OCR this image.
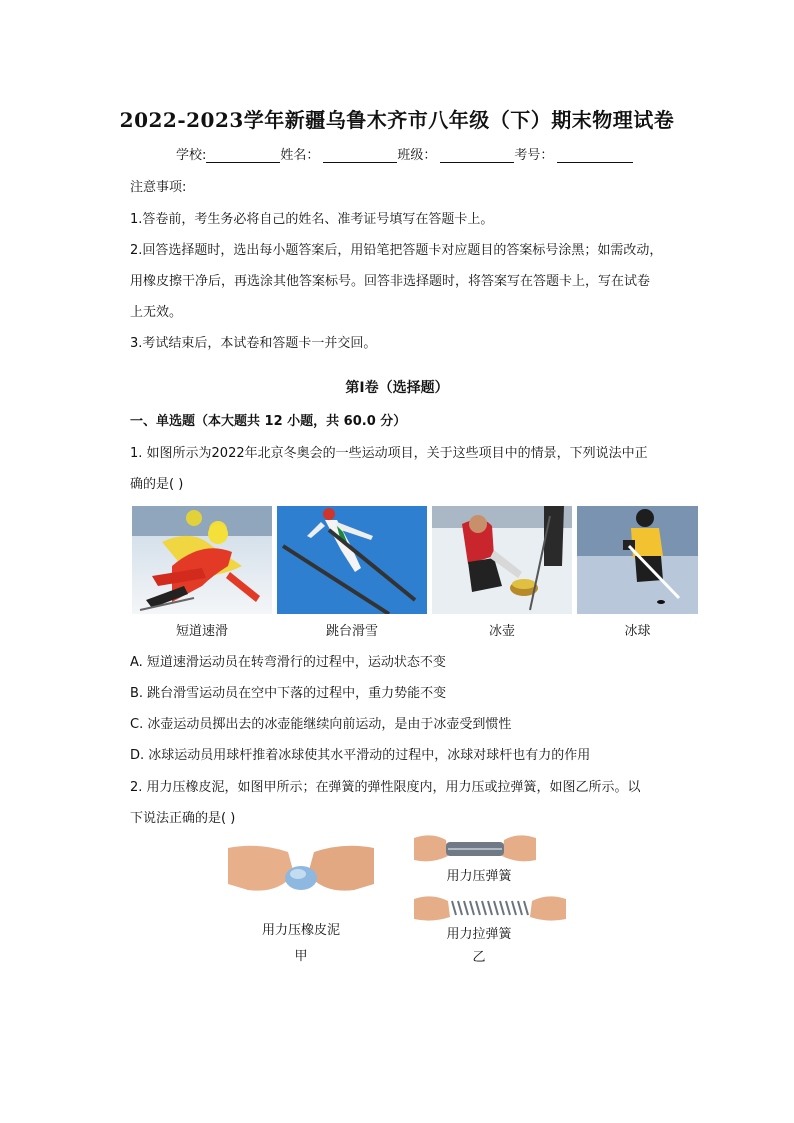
2022-2023学年新疆乌鲁木齐市八年级（下）期末物理试卷
学校:	姓名：	班级：	考号：
注意事项:
1.答卷前，考生务必将自己的姓名、准考证号填写在答题卡上。
2.回答选择题时，选出每小题答案后，用铅笔把答题卡对应题目的答案标号涂黑；如需改动，
用橡皮擦干净后，再选涂其他答案标号。回答非选择题时，将答案写在答题卡上，写在试卷
上无效。
3.考试结束后，本试卷和答题卡一并交回。
第Ⅰ卷（选择题）
一、单选题（本大题共 12 小题，共 60.0 分）
1. 如图所示为2022年北京冬奥会的一些运动项目，关于这些项目中的情景，下列说法中正
确的是( )
短道速滑	跳台滑雪	冰壶	冰球
A. 短道速滑运动员在转弯滑行的过程中，运动状态不变
B. 跳台滑雪运动员在空中下落的过程中，重力势能不变
C. 冰壶运动员掷出去的冰壶能继续向前运动，是由于冰壶受到惯性
D. 冰球运动员用球杆推着冰球使其水平滑动的过程中，冰球对球杆也有力的作用
2. 用力压橡皮泥，如图甲所示；在弹簧的弹性限度内，用力压或拉弹簧，如图乙所示。以
下说法正确的是( )
用力压橡皮泥
甲
用力压弹簧
用力拉弹簧
乙
